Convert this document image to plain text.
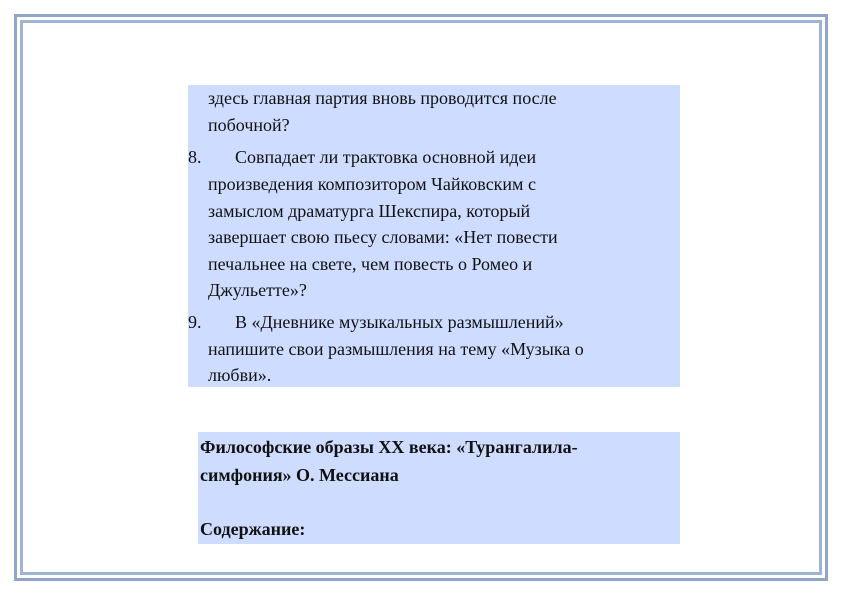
здесь главная партия вновь проводится после
побочной?
8. Совпадает ли трактовка основной идеи
произведения композитором Чайковским с
замыслом драматурга Шекспира, который
завершает свою пьесу словами: «Нет повести
печальнее на свете, чем повесть о Ромео и
Джульетте»?
9. В «Дневнике музыкальных размышлений»
напишите свои размышления на тему «Музыка о
любви».
Философские образы XX века: «Турангалила-
симфония» О. Мессиана
Содержание:
